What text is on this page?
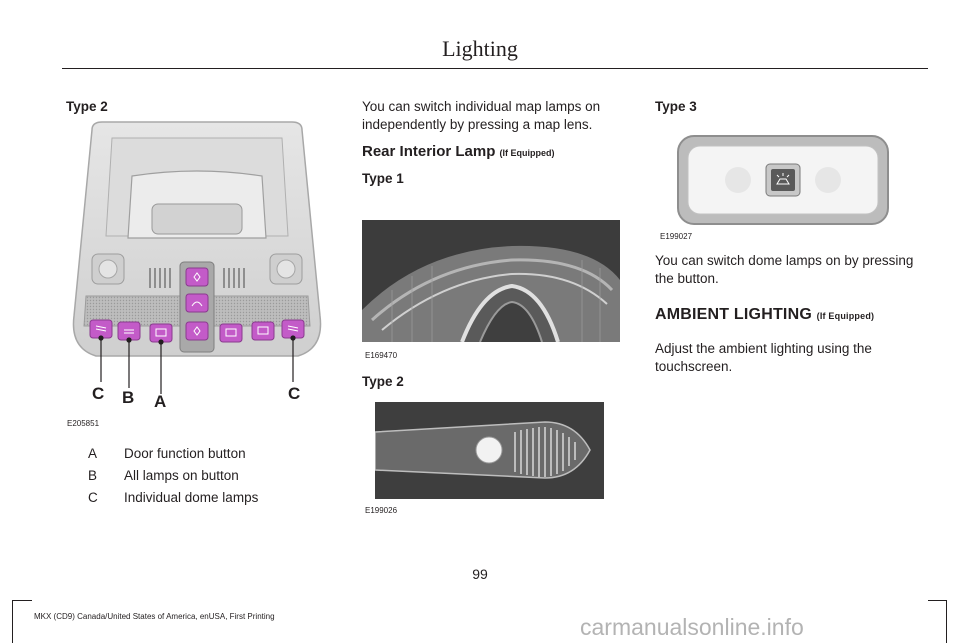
Lighting
Type 2
C B A	C
E205851
A Door function button
B All lamps on button
C Individual dome lamps
You can switch individual map lamps on
independently by pressing a map lens.
Rear Interior Lamp (If Equipped)
Type 1
E169470
Type 2
E199026
Type 3
E199027
You can switch dome lamps on by pressing
the button.
AMBIENT LIGHTING (If Equipped)
Adjust the ambient lighting using the
touchscreen.
99
MKX (CD9) Canada/United States of America, enUSA, First Printing	carmanualsonline.info
